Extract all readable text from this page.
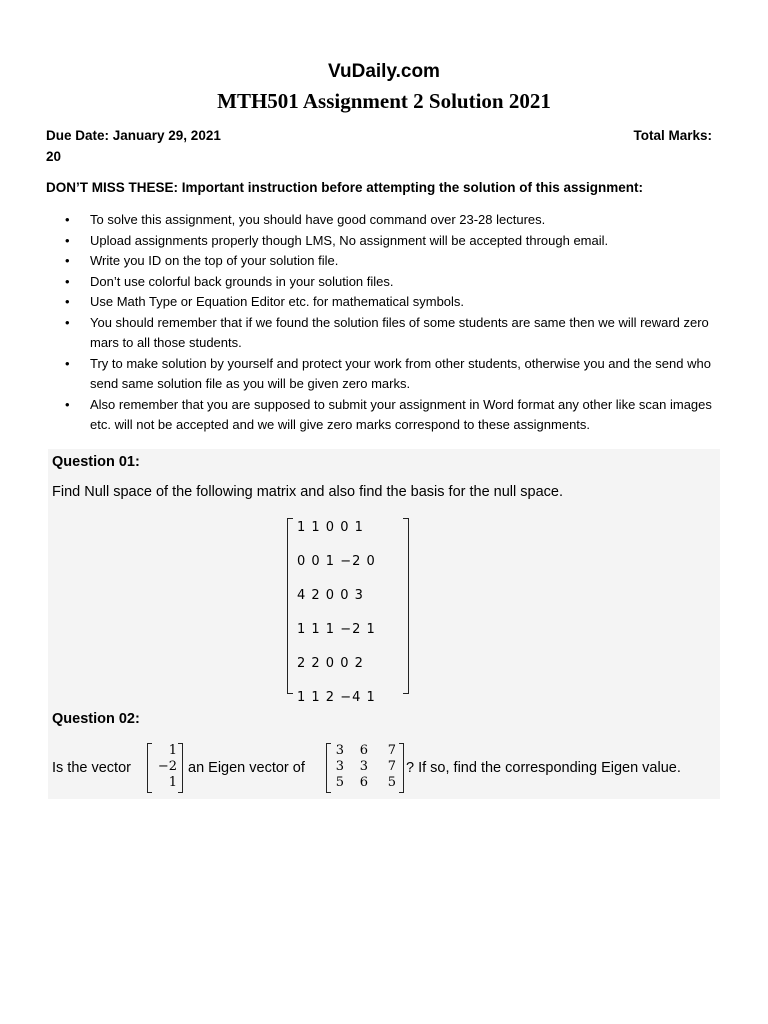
VuDaily.com
MTH501 Assignment 2 Solution 2021
Due Date: January 29, 2021	Total Marks:
20
DON’T MISS THESE: Important instruction before attempting the solution of this assignment:
• To solve this assignment, you should have good command over 23-28 lectures.
• Upload assignments properly though LMS, No assignment will be accepted through email.
• Write you ID on the top of your solution file.
• Don’t use colorful back grounds in your solution files.
• Use Math Type or Equation Editor etc. for mathematical symbols.
• You should remember that if we found the solution files of some students are same then we will reward zero mars to all those students.
• Try to make solution by yourself and protect your work from other students, otherwise you and the send who send same solution file as you will be given zero marks.
• Also remember that you are supposed to submit your assignment in Word format any other like scan images etc. will not be accepted and we will give zero marks correspond to these assignments.
Question 01:
Find Null space of the following matrix and also find the basis for the null space.
1 1 0 0 1
0 0 1 −2 0
4 2 0 0 3
1 1 1 −2 1
2 2 0 0 2
1 1 2 −4 1
Question 02:
Is the vector
1
−2
1
an Eigen vector of
3	6	7
3	3	7
5	6	5
? If so, find the corresponding Eigen value.
